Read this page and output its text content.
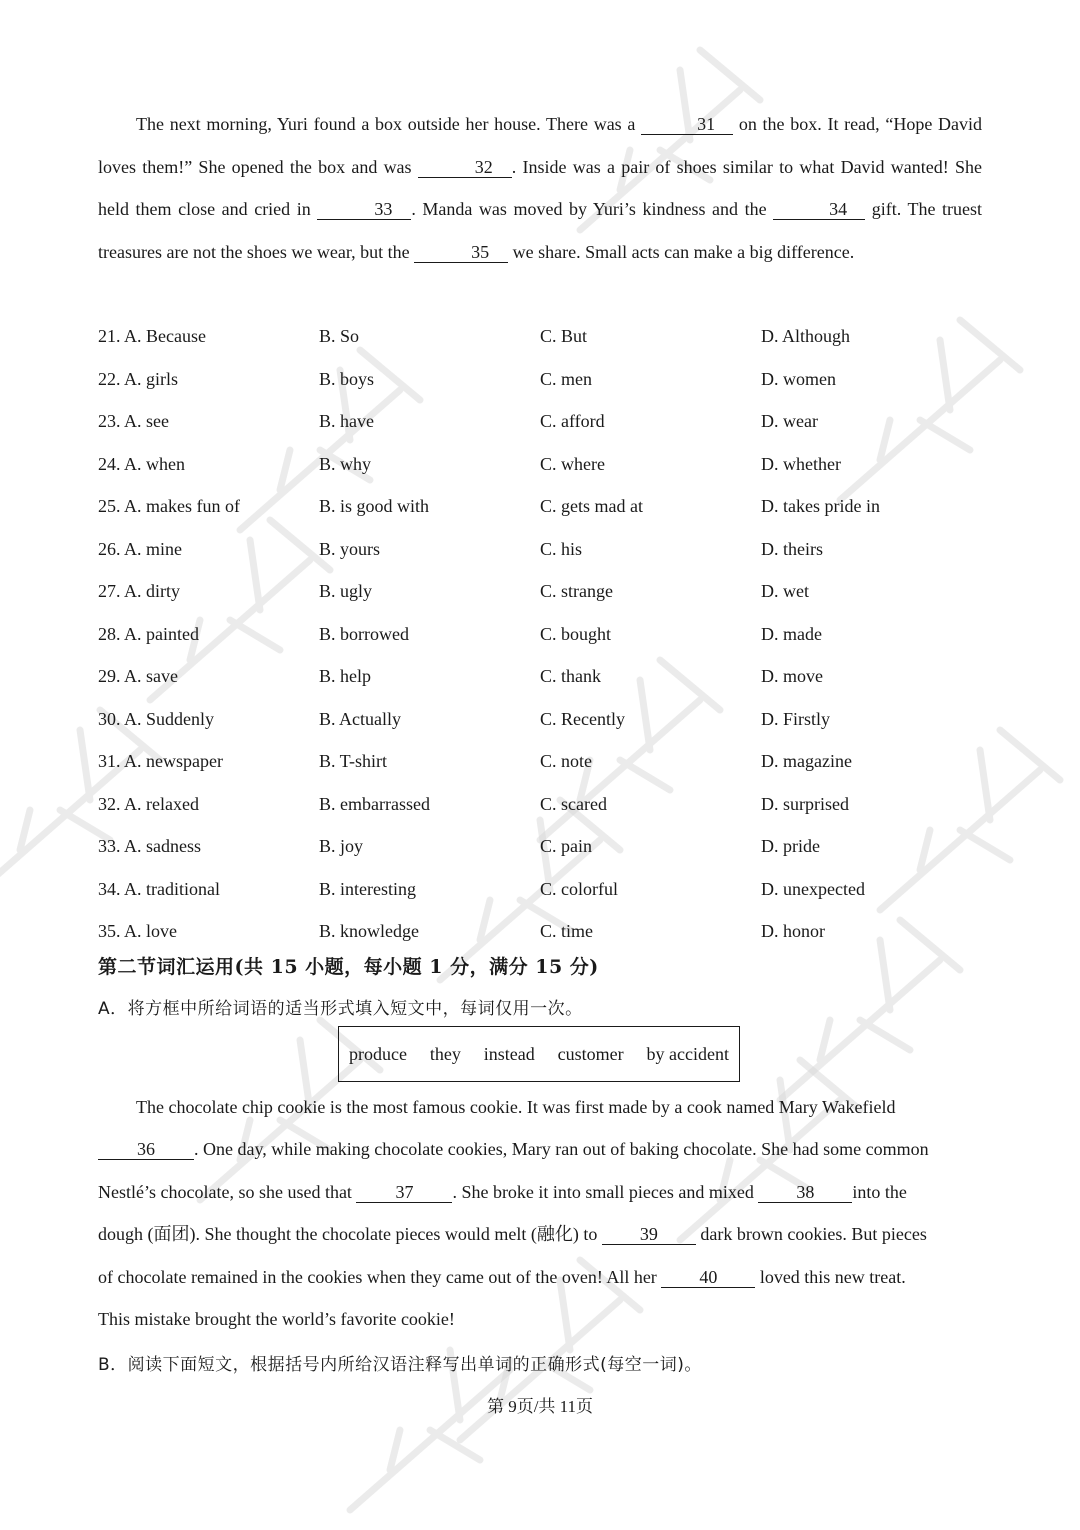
The next morning, Yuri found a box outside her house. There was a	31 on the box. It read, “Hope David loves them!” She opened the box and was	32 . Inside was a pair of shoes similar to what David wanted! She held them close and cried in	33 . Manda was moved by Yuri’s kindness and the	34 gift. The truest treasures are not the shoes we wear, but the	35 we share. Small acts can make a big difference.
21. A. Because	B. So	C. But	D. Although
22. A. girls	B. boys	C. men	D. women
23. A. see	B. have	C. afford	D. wear
24. A. when	B. why	C. where	D. whether
25. A. makes fun of	B. is good with	C. gets mad at	D. takes pride in
26. A. mine	B. yours	C. his	D. theirs
27. A. dirty	B. ugly	C. strange	D. wet
28. A. painted	B. borrowed	C. bought	D. made
29. A. save	B. help	C. thank	D. move
30. A. Suddenly	B. Actually	C. Recently	D. Firstly
31. A. newspaper	B. T-shirt	C. note	D. magazine
32. A. relaxed	B. embarrassed	C. scared	D. surprised
33. A. sadness	B. joy	C. pain	D. pride
34. A. traditional	B. interesting	C. colorful	D. unexpected
35. A. love	B. knowledge	C. time	D. honor
第二节词汇运用(共 15 小题，每小题 1 分，满分 15 分)
A．将方框中所给词语的适当形式填入短文中，每词仅用一次。
produce they instead customer by accident
The chocolate chip cookie is the most famous cookie. It was first made by a cook named Mary Wakefield
36 . One day, while making chocolate cookies, Mary ran out of baking chocolate. She had some common
Nestlé’s chocolate, so she used that 37 . She broke it into small pieces and mixed 38 into the
dough (面团). She thought the chocolate pieces would melt (融化) to 39 dark brown cookies. But pieces
of chocolate remained in the cookies when they came out of the oven! All her 40 loved this new treat.
This mistake brought the world’s favorite cookie!
B．阅读下面短文，根据括号内所给汉语注释写出单词的正确形式(每空一词)。
第 9页/共 11页
